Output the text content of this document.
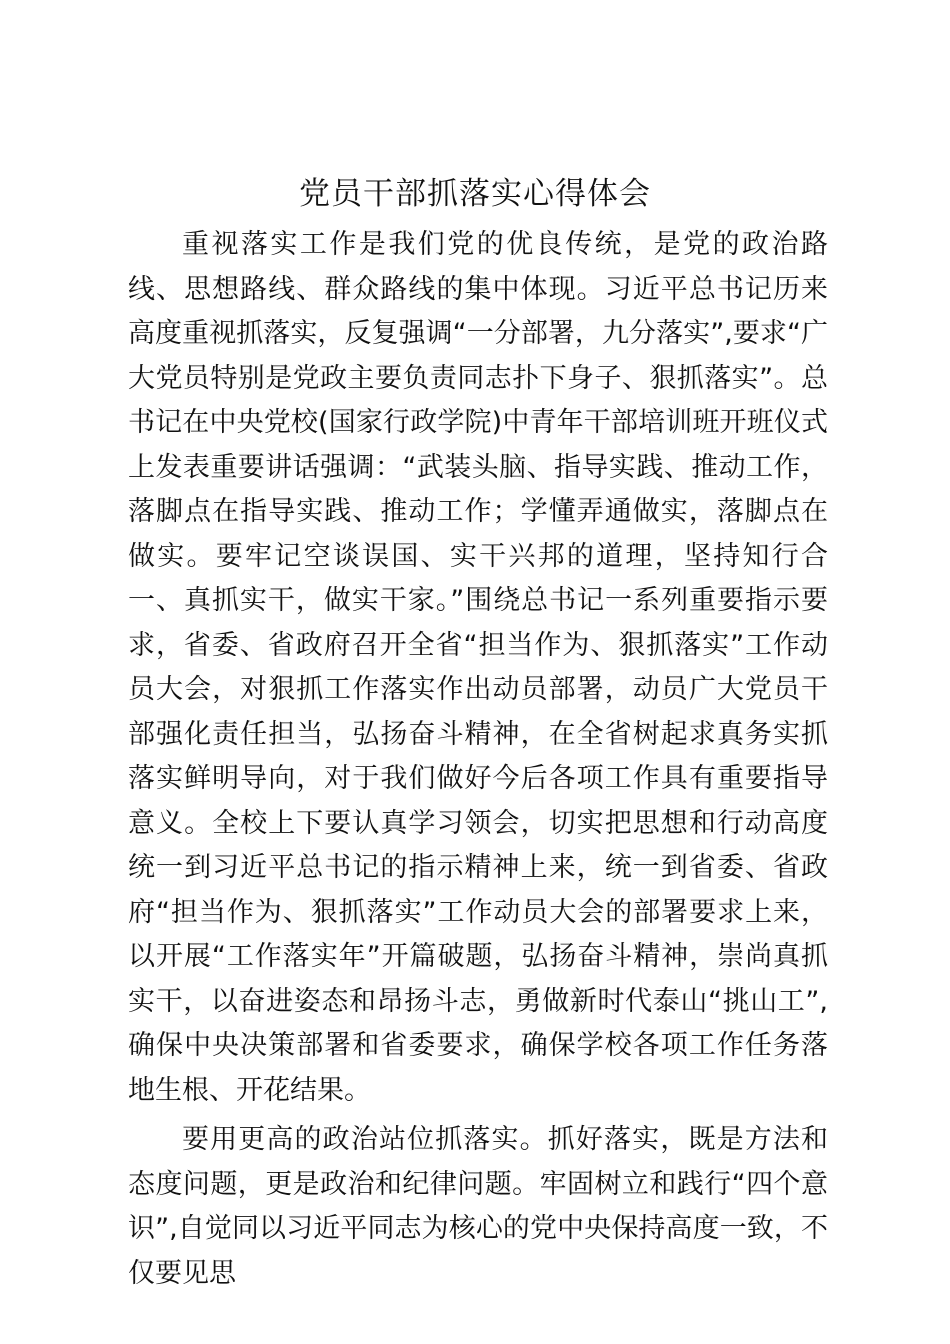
党员干部抓落实心得体会

重视落实工作是我们党的优良传统，是党的政治路线、思想路线、群众路线的集中体现。习近平总书记历来高度重视抓落实，反复强调“一分部署，九分落实”,要求“广大党员特别是党政主要负责同志扑下身子、狠抓落实”。总书记在中央党校(国家行政学院)中青年干部培训班开班仪式上发表重要讲话强调：“武装头脑、指导实践、推动工作，落脚点在指导实践、推动工作；学懂弄通做实，落脚点在做实。要牢记空谈误国、实干兴邦的道理，坚持知行合一、真抓实干，做实干家。”围绕总书记一系列重要指示要求，省委、省政府召开全省“担当作为、狠抓落实”工作动员大会，对狠抓工作落实作出动员部署，动员广大党员干部强化责任担当，弘扬奋斗精神，在全省树起求真务实抓落实鲜明导向，对于我们做好今后各项工作具有重要指导意义。全校上下要认真学习领会，切实把思想和行动高度统一到习近平总书记的指示精神上来，统一到省委、省政府“担当作为、狠抓落实”工作动员大会的部署要求上来，以开展“工作落实年”开篇破题，弘扬奋斗精神，崇尚真抓实干，以奋进姿态和昂扬斗志，勇做新时代泰山“挑山工”,确保中央决策部署和省委要求，确保学校各项工作任务落地生根、开花结果。

要用更高的政治站位抓落实。抓好落实，既是方法和态度问题，更是政治和纪律问题。牢固树立和践行“四个意识”,自觉同以习近平同志为核心的党中央保持高度一致，不仅要见思
